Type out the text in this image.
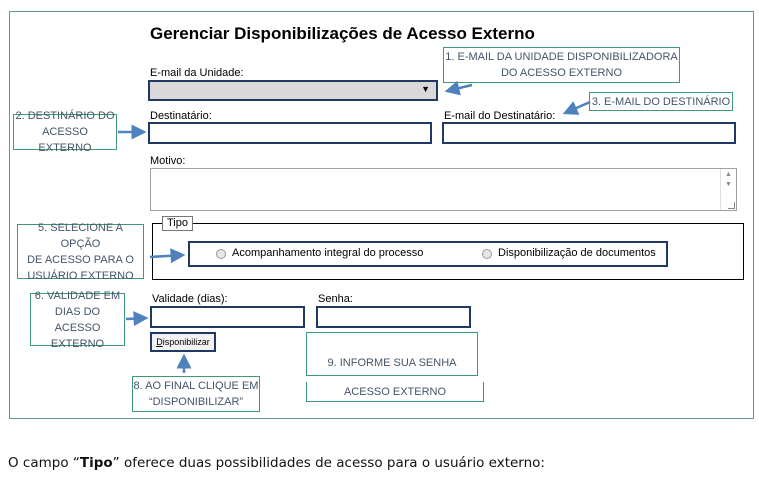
Gerenciar Disponibilizações de Acesso Externo
E-mail da Unidade:
▼
Destinatário:	E-mail do Destinatário:
Motivo:
▲
▼
Tipo
Acompanhamento integral do processo	Disponibilização de documentos
Validade (dias):	Senha:
D isponibilizar
1. E-MAIL DA UNIDADE DISPONIBILIZADORA
DO ACESSO EXTERNO
2. DESTINÁRIO DO
ACESSO EXTERNO
3. E-MAIL DO DESTINÁRIO
5. SELECIONE A OPÇÃO
DE ACESSO PARA O
USUÁRIO EXTERNO
6. VALIDADE EM
DIAS DO ACESSO
EXTERNO
8. AO FINAL CLIQUE EM
“DISPONIBILIZAR”
9. INFORME SUA SENHA
ACESSO EXTERNO
O campo “Tipo” oferece duas possibilidades de acesso para o usuário externo:
